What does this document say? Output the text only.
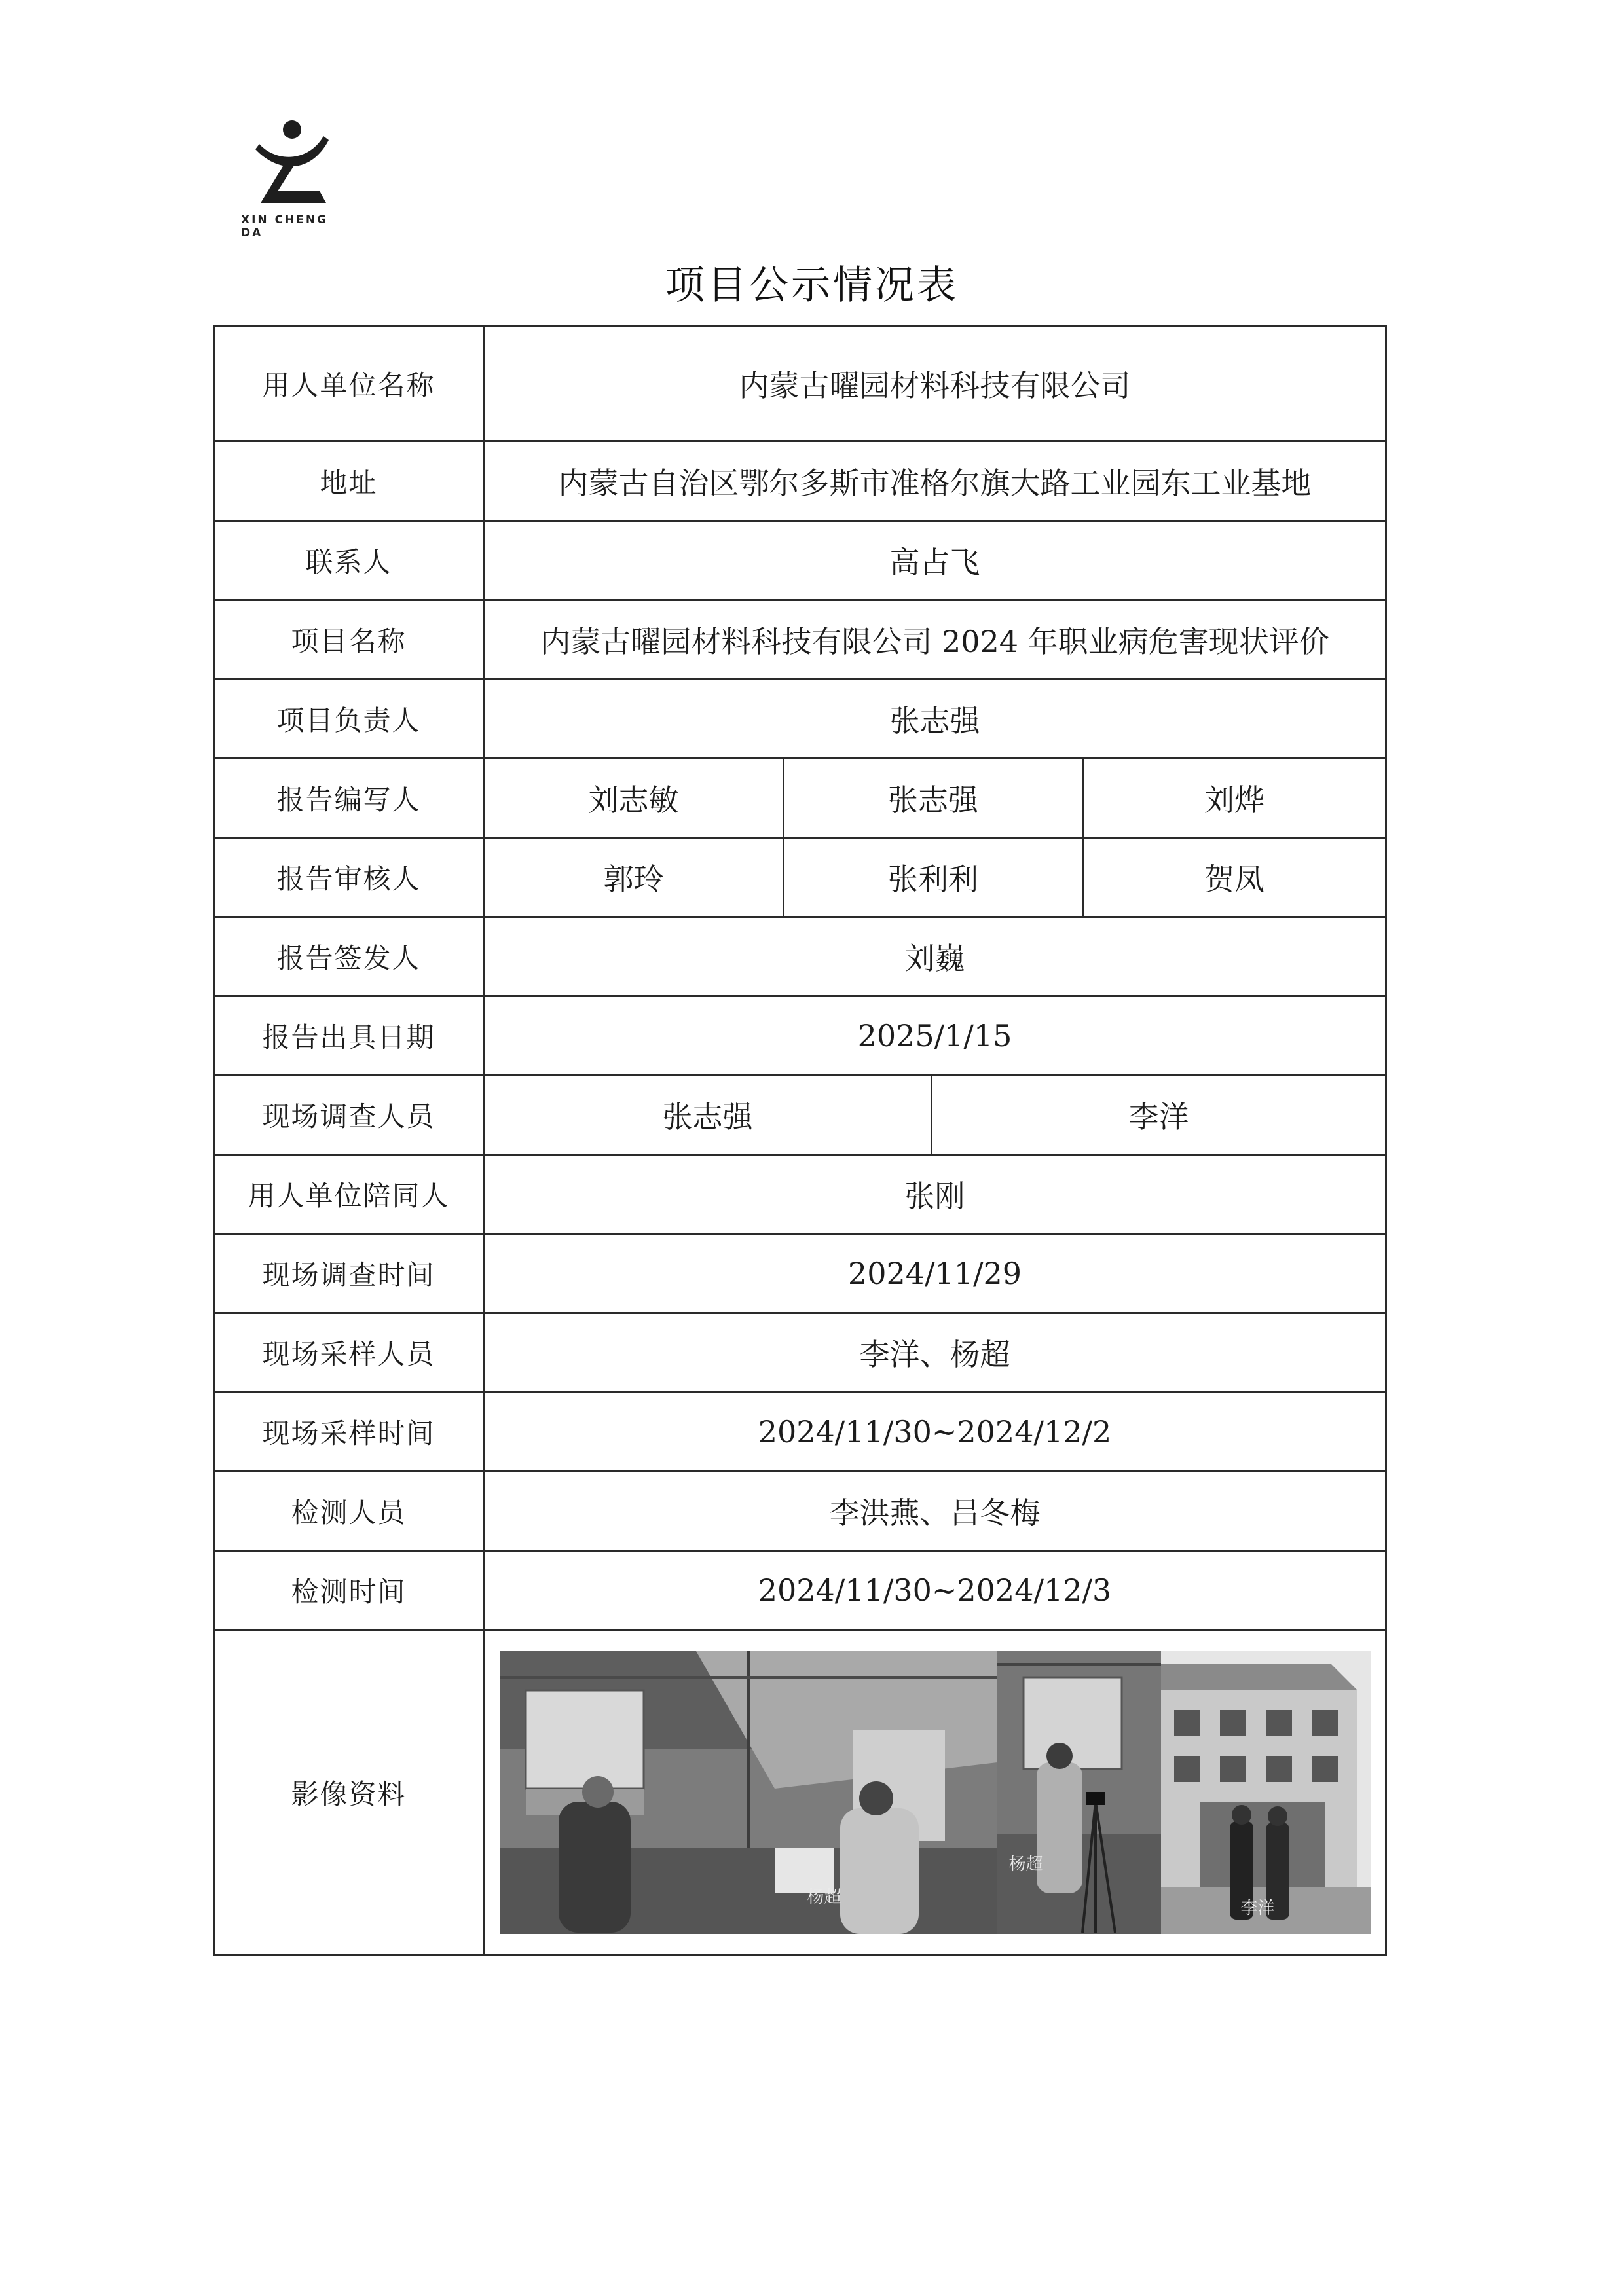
XIN CHENG DA
项目公示情况表
用人单位名称	内蒙古曜园材料科技有限公司			
地址	内蒙古自治区鄂尔多斯市准格尔旗大路工业园东工业基地			
联系人	高占飞			
项目名称	内蒙古曜园材料科技有限公司 2024 年职业病危害现状评价			
项目负责人	张志强			
报告编写人	刘志敏	张志强		刘烨
报告审核人	郭玲	张利利		贺凤
报告签发人	刘巍			
报告出具日期	2025/1/15			
现场调查人员	张志强		李洋	
用人单位陪同人	张刚			
现场调查时间	2024/11/29			
现场采样人员	李洋、杨超			
现场采样时间	2024/11/30~2024/12/2			
检测人员	李洪燕、吕冬梅			
检测时间	2024/11/30~2024/12/3			
影像资料	杨超
杨超
李洋			
